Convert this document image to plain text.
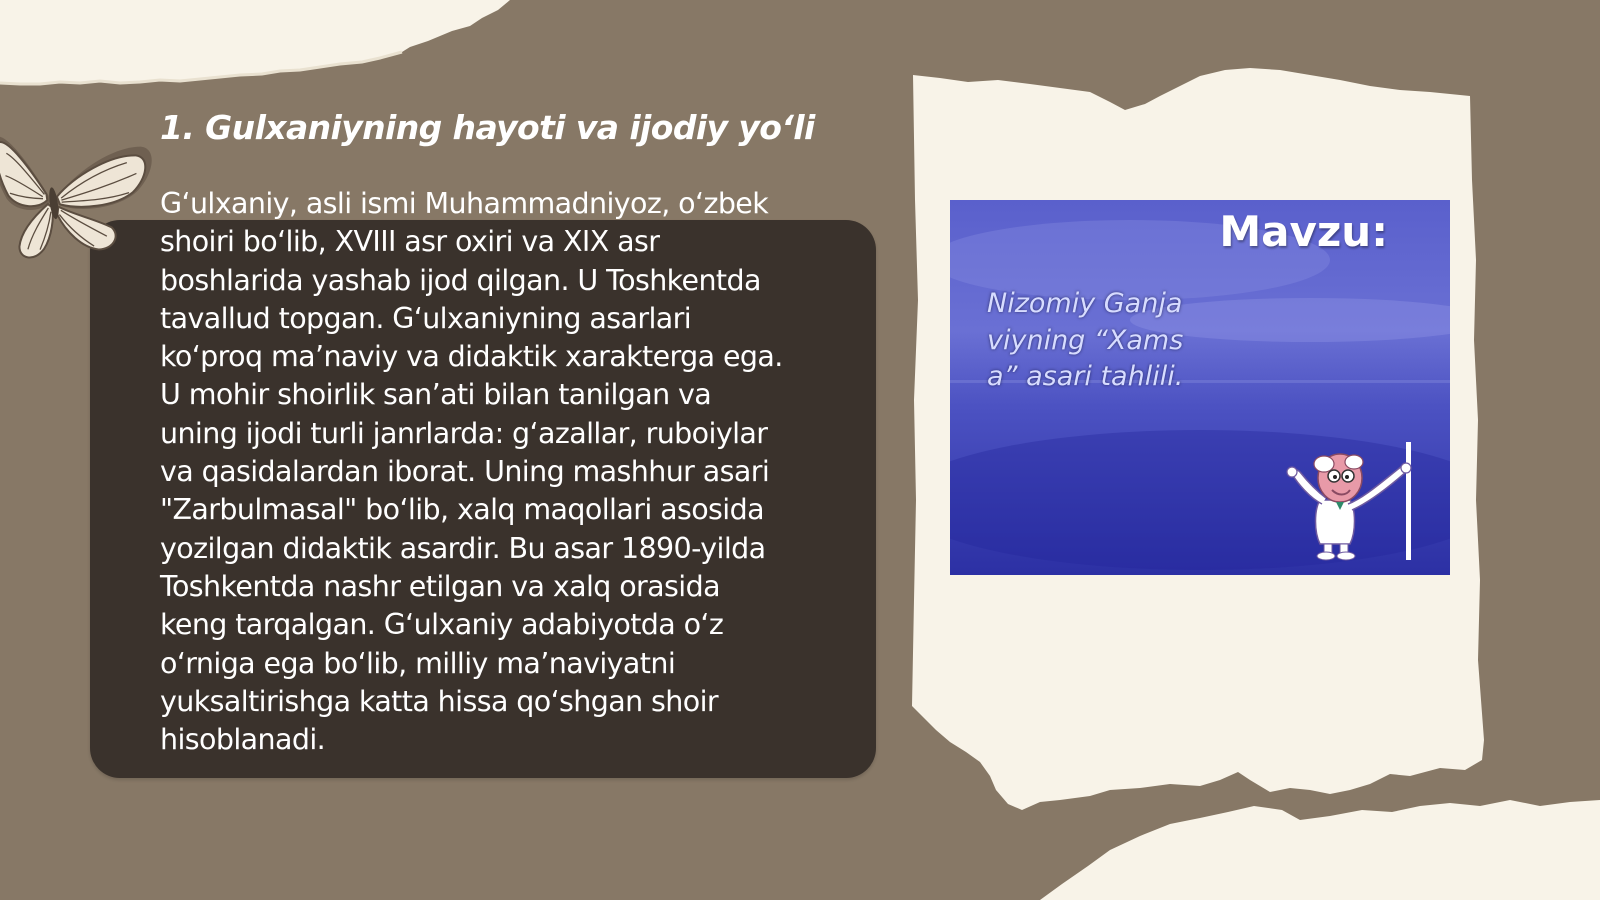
1. Gulxaniyning hayoti va ijodiy yo‘li
G‘ulxaniy, asli ismi Muhammadniyoz, o‘zbek
shoiri bo‘lib, XVIII asr oxiri va XIX asr
boshlarida yashab ijod qilgan. U Toshkentda
tavallud topgan. G‘ulxaniyning asarlari
ko‘proq ma’naviy va didaktik xarakterga ega.
U mohir shoirlik san’ati bilan tanilgan va
uning ijodi turli janrlarda: g‘azallar, ruboiylar
va qasidalardan iborat. Uning mashhur asari
"Zarbulmasal" bo‘lib, xalq maqollari asosida
yozilgan didaktik asardir. Bu asar 1890-yilda
Toshkentda nashr etilgan va xalq orasida
keng tarqalgan. G‘ulxaniy adabiyotda o‘z
o‘rniga ega bo‘lib, milliy ma’naviyatni
yuksaltirishga katta hissa qo‘shgan shoir
hisoblanadi.
Mavzu:
Nizomiy Ganjaviyning “Xamsa” asari tahlili.
